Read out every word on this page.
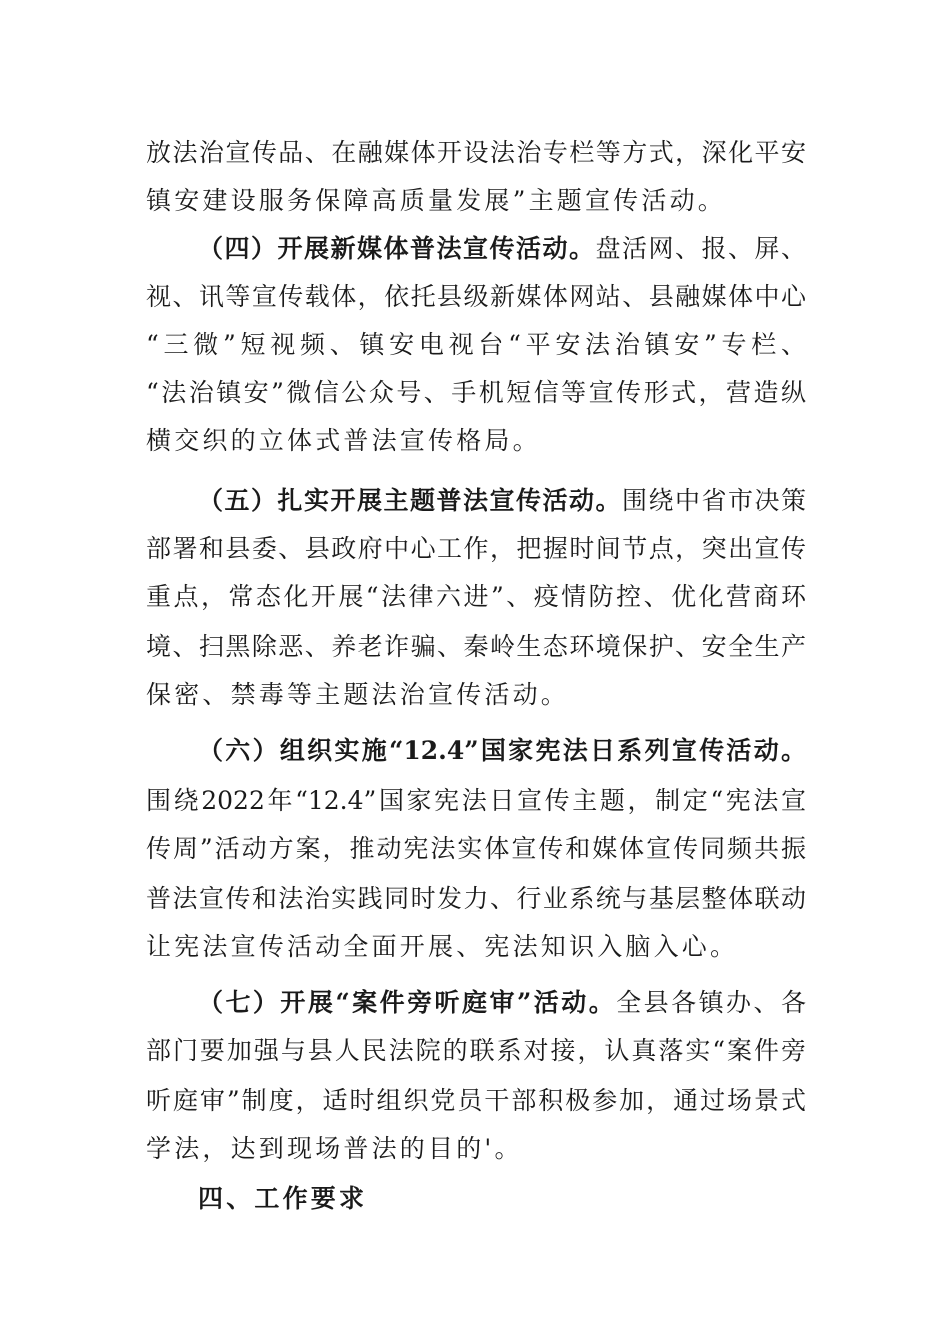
放法治宣传品、在融媒体开设法治专栏等方式，深化平安
镇安建设服务保障高质量发展”主题宣传活动。
（四）开展新媒体普法宣传活动。盘活网、报、屏、
视、讯等宣传载体，依托县级新媒体网站、县融媒体中心
“三微”短视频、镇安电视台“平安法治镇安”专栏、
“法治镇安”微信公众号、手机短信等宣传形式，营造纵
横交织的立体式普法宣传格局。
（五）扎实开展主题普法宣传活动。围绕中省市决策
部署和县委、县政府中心工作，把握时间节点，突出宣传
重点，常态化开展“法律六进”、疫情防控、优化营商环
境、扫黑除恶、养老诈骗、秦岭生态环境保护、安全生产
保密、禁毒等主题法治宣传活动。
（六）组织实施“12.4”国家宪法日系列宣传活动。
围绕2022年“12.4”国家宪法日宣传主题，制定“宪法宣
传周”活动方案，推动宪法实体宣传和媒体宣传同频共振
普法宣传和法治实践同时发力、行业系统与基层整体联动
让宪法宣传活动全面开展、宪法知识入脑入心。
（七）开展“案件旁听庭审”活动。全县各镇办、各
部门要加强与县人民法院的联系对接，认真落实“案件旁
听庭审”制度，适时组织党员干部积极参加，通过场景式
学法，达到现场普法的目的'。
四、工作要求
